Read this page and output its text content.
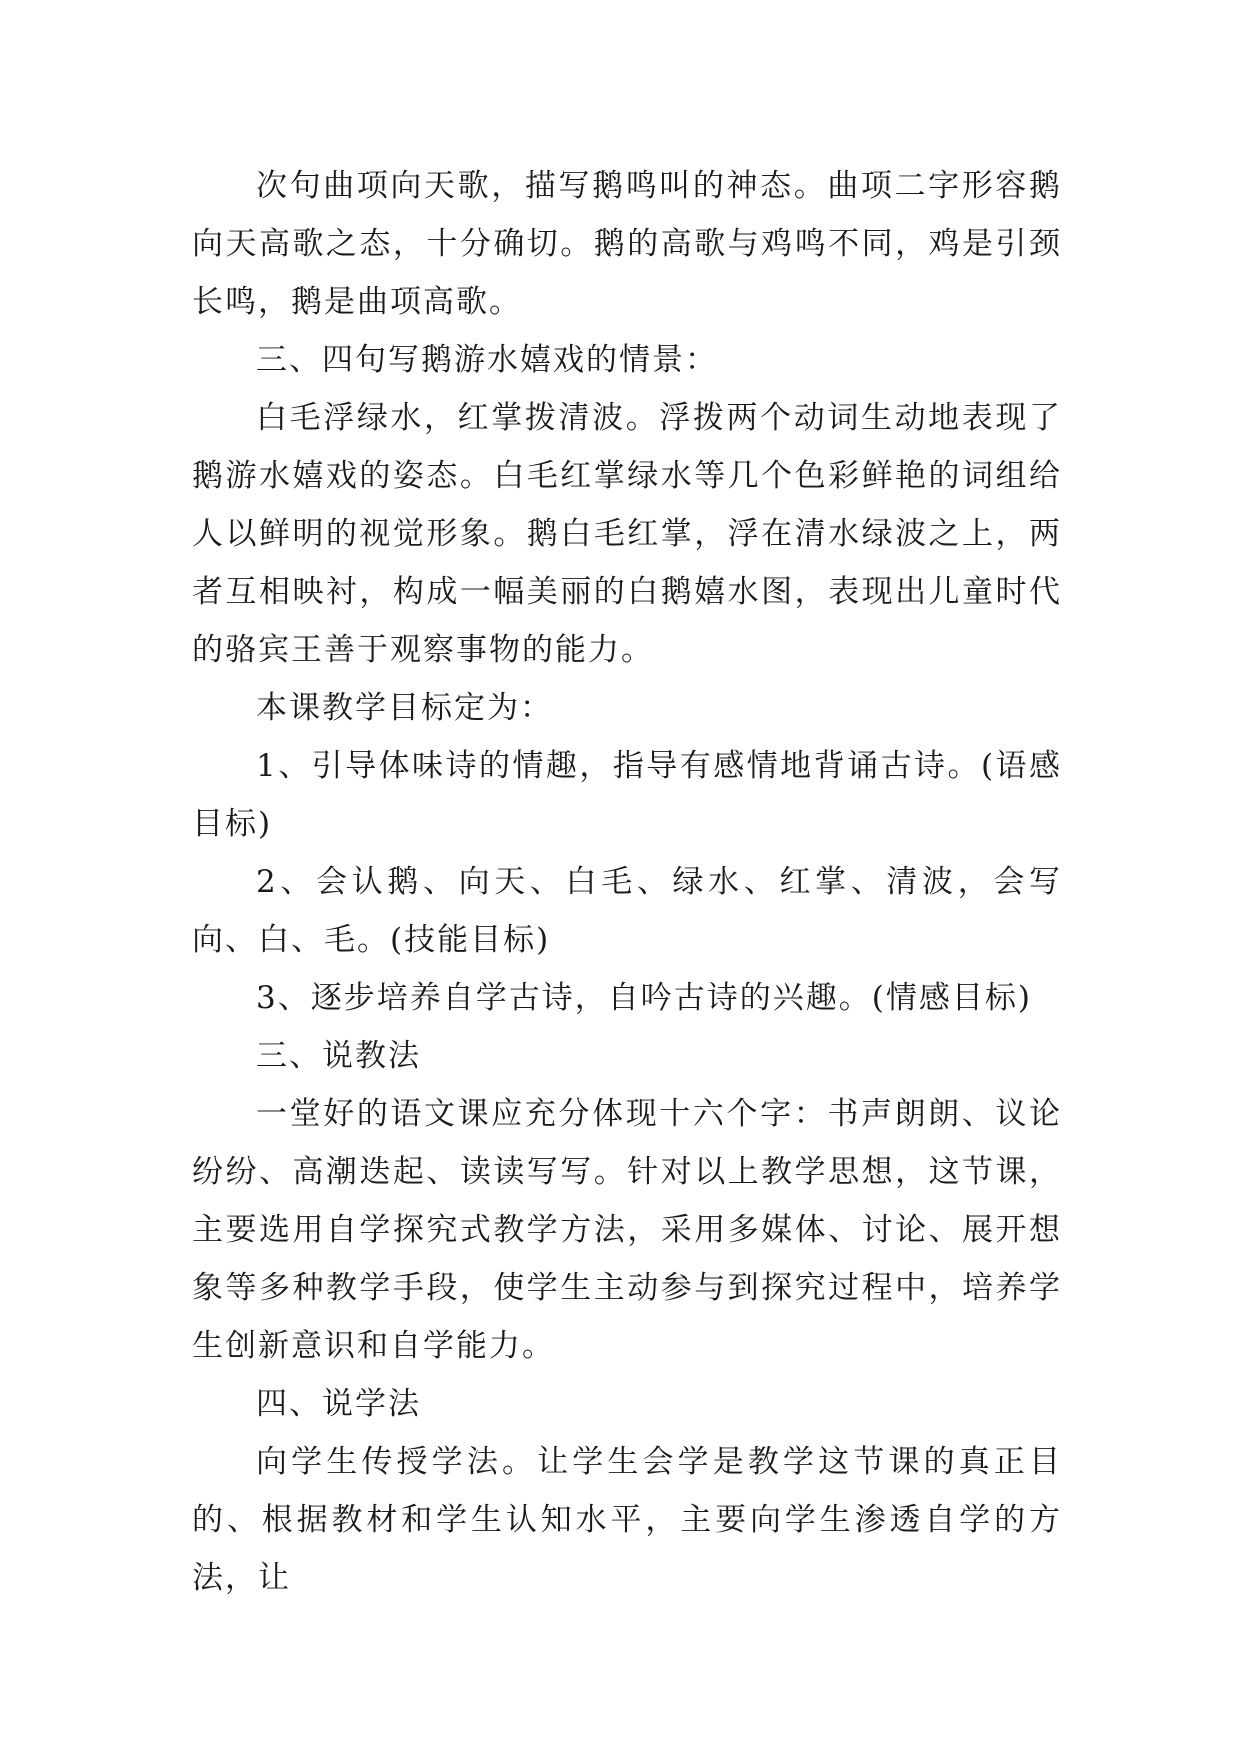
次句曲项向天歌，描写鹅鸣叫的神态。曲项二字形容鹅向天高歌之态，十分确切。鹅的高歌与鸡鸣不同，鸡是引颈长鸣，鹅是曲项高歌。

三、四句写鹅游水嬉戏的情景：

白毛浮绿水，红掌拨清波。浮拨两个动词生动地表现了鹅游水嬉戏的姿态。白毛红掌绿水等几个色彩鲜艳的词组给人以鲜明的视觉形象。鹅白毛红掌，浮在清水绿波之上，两者互相映衬，构成一幅美丽的白鹅嬉水图，表现出儿童时代的骆宾王善于观察事物的能力。

本课教学目标定为：

1、引导体味诗的情趣，指导有感情地背诵古诗。(语感目标)

2、会认鹅、向天、白毛、绿水、红掌、清波，会写向、白、毛。(技能目标)

3、逐步培养自学古诗，自吟古诗的兴趣。(情感目标)

三、说教法

一堂好的语文课应充分体现十六个字：书声朗朗、议论纷纷、高潮迭起、读读写写。针对以上教学思想，这节课，主要选用自学探究式教学方法，采用多媒体、讨论、展开想象等多种教学手段，使学生主动参与到探究过程中，培养学生创新意识和自学能力。

四、说学法

向学生传授学法。让学生会学是教学这节课的真正目的、根据教材和学生认知水平，主要向学生渗透自学的方法，让
